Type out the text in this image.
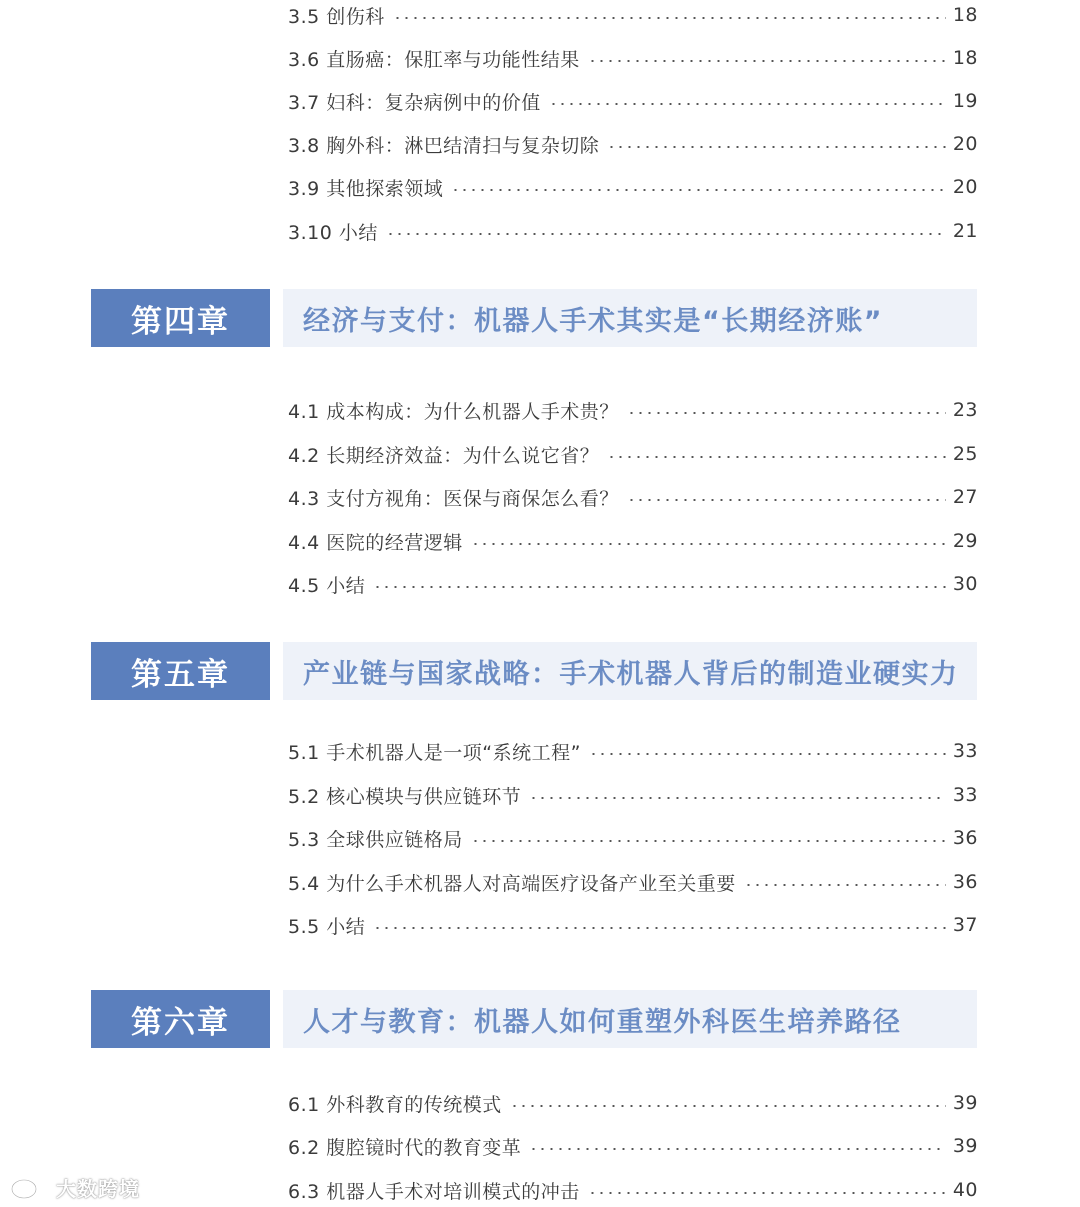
3.5 创伤科	18
3.6 直肠癌：保肛率与功能性结果	18
3.7 妇科：复杂病例中的价值	19
3.8 胸外科：淋巴结清扫与复杂切除	20
3.9 其他探索领域	20
3.10 小结	21
第四章	经济与支付：机器人手术其实是“长期经济账”
4.1 成本构成：为什么机器人手术贵？	23
4.2 长期经济效益：为什么说它省？	25
4.3 支付方视角：医保与商保怎么看？	27
4.4 医院的经营逻辑	29
4.5 小结	30
第五章	产业链与国家战略：手术机器人背后的制造业硬实力
5.1 手术机器人是一项“系统工程”	33
5.2 核心模块与供应链环节	33
5.3 全球供应链格局	36
5.4 为什么手术机器人对高端医疗设备产业至关重要	36
5.5 小结	37
第六章	人才与教育：机器人如何重塑外科医生培养路径
6.1 外科教育的传统模式	39
6.2 腹腔镜时代的教育变革	39
6.3 机器人手术对培训模式的冲击	40
大数跨境
